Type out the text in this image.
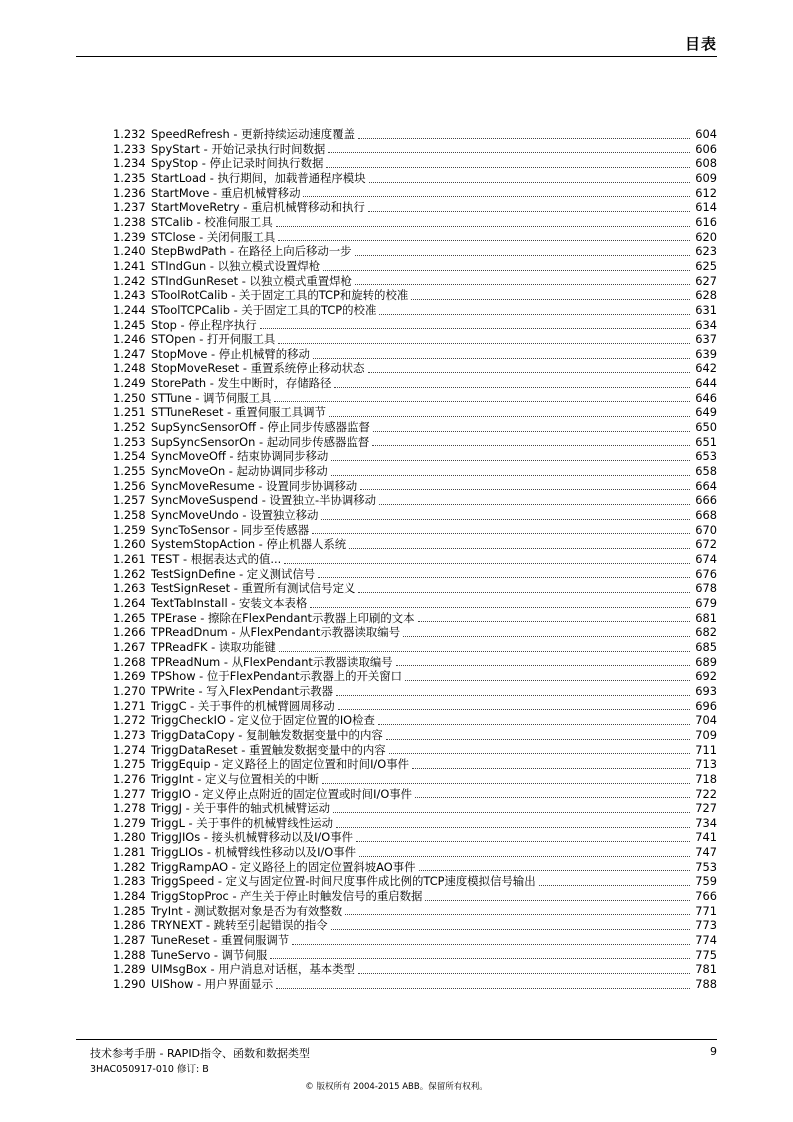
目表
1.232 SpeedRefresh - 更新持续运动速度覆盖	604
1.233 SpyStart - 开始记录执行时间数据	606
1.234 SpyStop - 停止记录时间执行数据	608
1.235 StartLoad - 执行期间，加载普通程序模块	609
1.236 StartMove - 重启机械臂移动	612
1.237 StartMoveRetry - 重启机械臂移动和执行	614
1.238 STCalib - 校准伺服工具	616
1.239 STClose - 关闭伺服工具	620
1.240 StepBwdPath - 在路径上向后移动一步	623
1.241 STIndGun - 以独立模式设置焊枪	625
1.242 STIndGunReset - 以独立模式重置焊枪	627
1.243 SToolRotCalib - 关于固定工具的TCP和旋转的校准	628
1.244 SToolTCPCalib - 关于固定工具的TCP的校准	631
1.245 Stop - 停止程序执行	634
1.246 STOpen - 打开伺服工具	637
1.247 StopMove - 停止机械臂的移动	639
1.248 StopMoveReset - 重置系统停止移动状态	642
1.249 StorePath - 发生中断时，存储路径	644
1.250 STTune - 调节伺服工具	646
1.251 STTuneReset - 重置伺服工具调节	649
1.252 SupSyncSensorOff - 停止同步传感器监督	650
1.253 SupSyncSensorOn - 起动同步传感器监督	651
1.254 SyncMoveOff - 结束协调同步移动	653
1.255 SyncMoveOn - 起动协调同步移动	658
1.256 SyncMoveResume - 设置同步协调移动	664
1.257 SyncMoveSuspend - 设置独立-半协调移动	666
1.258 SyncMoveUndo - 设置独立移动	668
1.259 SyncToSensor - 同步至传感器	670
1.260 SystemStopAction - 停止机器人系统	672
1.261 TEST - 根据表达式的值...	674
1.262 TestSignDefine - 定义测试信号	676
1.263 TestSignReset - 重置所有测试信号定义	678
1.264 TextTabInstall - 安装文本表格	679
1.265 TPErase - 擦除在FlexPendant示教器上印刷的文本	681
1.266 TPReadDnum - 从FlexPendant示教器读取编号	682
1.267 TPReadFK - 读取功能键	685
1.268 TPReadNum - 从FlexPendant示教器读取编号	689
1.269 TPShow - 位于FlexPendant示教器上的开关窗口	692
1.270 TPWrite - 写入FlexPendant示教器	693
1.271 TriggC - 关于事件的机械臂圆周移动	696
1.272 TriggCheckIO - 定义位于固定位置的IO检查	704
1.273 TriggDataCopy - 复制触发数据变量中的内容	709
1.274 TriggDataReset - 重置触发数据变量中的内容	711
1.275 TriggEquip - 定义路径上的固定位置和时间I/O事件	713
1.276 TriggInt - 定义与位置相关的中断	718
1.277 TriggIO - 定义停止点附近的固定位置或时间I/O事件	722
1.278 TriggJ - 关于事件的轴式机械臂运动	727
1.279 TriggL - 关于事件的机械臂线性运动	734
1.280 TriggJIOs - 接头机械臂移动以及I/O事件	741
1.281 TriggLIOs - 机械臂线性移动以及I/O事件	747
1.282 TriggRampAO - 定义路径上的固定位置斜坡AO事件	753
1.283 TriggSpeed - 定义与固定位置-时间尺度事件成比例的TCP速度模拟信号输出	759
1.284 TriggStopProc - 产生关于停止时触发信号的重启数据	766
1.285 TryInt - 测试数据对象是否为有效整数	771
1.286 TRYNEXT - 跳转至引起错误的指令	773
1.287 TuneReset - 重置伺服调节	774
1.288 TuneServo - 调节伺服	775
1.289 UIMsgBox - 用户消息对话框，基本类型	781
1.290 UIShow - 用户界面显示	788
技术参考手册 - RAPID指令、函数和数据类型
3HAC050917-010 修订: B
9
© 版权所有 2004-2015 ABB。保留所有权利。
